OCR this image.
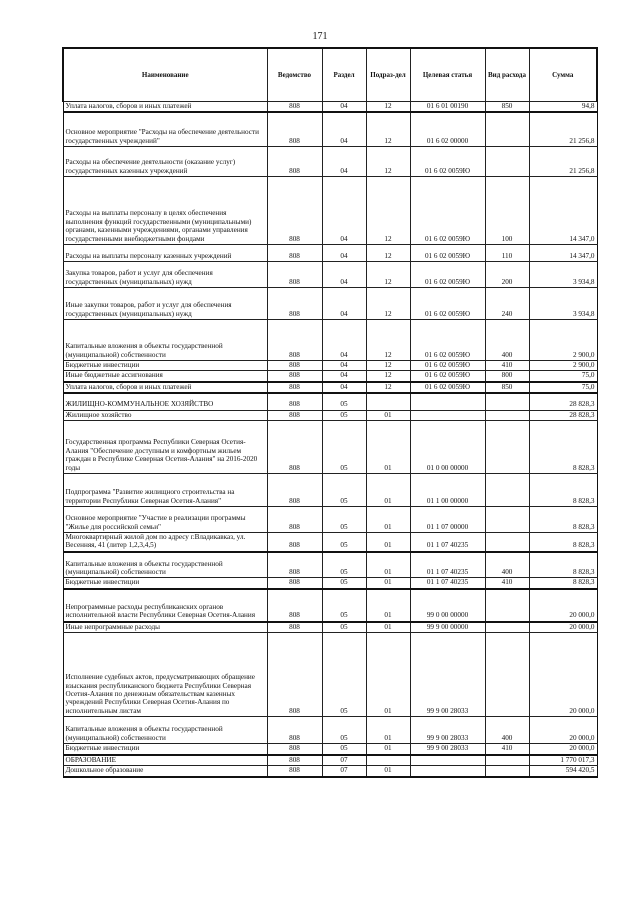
171
Наименование	Ведомство	Раздел	Подраз-дел	Целевая статья	Вид расхода	Сумма
Уплата налогов, сборов и иных платежей	808	04	12	01 6 01 00190	850	94,8
Основное мероприятие "Расходы на обеспечение деятельности государственных учреждений"	808	04	12	01 6 02 00000		21 256,8
Расходы на обеспечение деятельности (оказание услуг) государственных казенных учреждений	808	04	12	01 6 02 0059Ю		21 256,8
Расходы на выплаты персоналу в целях обеспечения выполнения функций государственными (муниципальными) органами, казенными учреждениями, органами управления государственными внебюджетными фондами	808	04	12	01 6 02 0059Ю	100	14 347,0
Расходы на выплаты персоналу казенных учреждений	808	04	12	01 6 02 0059Ю	110	14 347,0
Закупка товаров, работ и услуг для обеспечения государственных (муниципальных) нужд	808	04	12	01 6 02 0059Ю	200	3 934,8
Иные закупки товаров, работ и услуг для обеспечения государственных (муниципальных) нужд	808	04	12	01 6 02 0059Ю	240	3 934,8
Капитальные вложения в объекты государственной (муниципальной) собственности	808	04	12	01 6 02 0059Ю	400	2 900,0
Бюджетные инвестиции	808	04	12	01 6 02 0059Ю	410	2 900,0
Иные бюджетные ассигнования	808	04	12	01 6 02 0059Ю	800	75,0
Уплата налогов, сборов и иных платежей	808	04	12	01 6 02 0059Ю	850	75,0
ЖИЛИЩНО-КОММУНАЛЬНОЕ ХОЗЯЙСТВО	808	05				28 828,3
Жилищное хозяйство	808	05	01			28 828,3
Государственная программа Республики Северная Осетия-Алания "Обеспечение доступным и комфортным жильем граждан в Республике Северная Осетия-Алания" на 2016-2020 годы	808	05	01	01 0 00 00000		8 828,3
Подпрограмма "Развитие жилищного строительства на территории Республики Северная Осетия-Алания"	808	05	01	01 1 00 00000		8 828,3
Основное мероприятие "Участие в реализации программы "Жилье для российской семьи"	808	05	01	01 1 07 00000		8 828,3
Многоквартирный жилой дом по адресу г.Владикавказ, ул. Весенняя, 41 (литер 1,2,3,4,5)	808	05	01	01 1 07 40235		8 828,3
Капитальные вложения в объекты государственной (муниципальной) собственности	808	05	01	01 1 07 40235	400	8 828,3
Бюджетные инвестиции	808	05	01	01 1 07 40235	410	8 828,3
Непрограммные расходы республиканских органов исполнительной власти Республики Северная Осетия-Алания	808	05	01	99 0 00 00000		20 000,0
Иные непрограммные расходы	808	05	01	99 9 00 00000		20 000,0
Исполнение судебных актов, предусматривающих обращение взыскания республиканского бюджета Республики Северная Осетия-Алания по денежным обязательствам казенных учреждений Республики Северная Осетия-Алания по исполнительным листам	808	05	01	99 9 00 28033		20 000,0
Капитальные вложения в объекты государственной (муниципальной) собственности	808	05	01	99 9 00 28033	400	20 000,0
Бюджетные инвестиции	808	05	01	99 9 00 28033	410	20 000,0
ОБРАЗОВАНИЕ	808	07				1 770 017,3
Дошкольное образование	808	07	01			594 420,5
